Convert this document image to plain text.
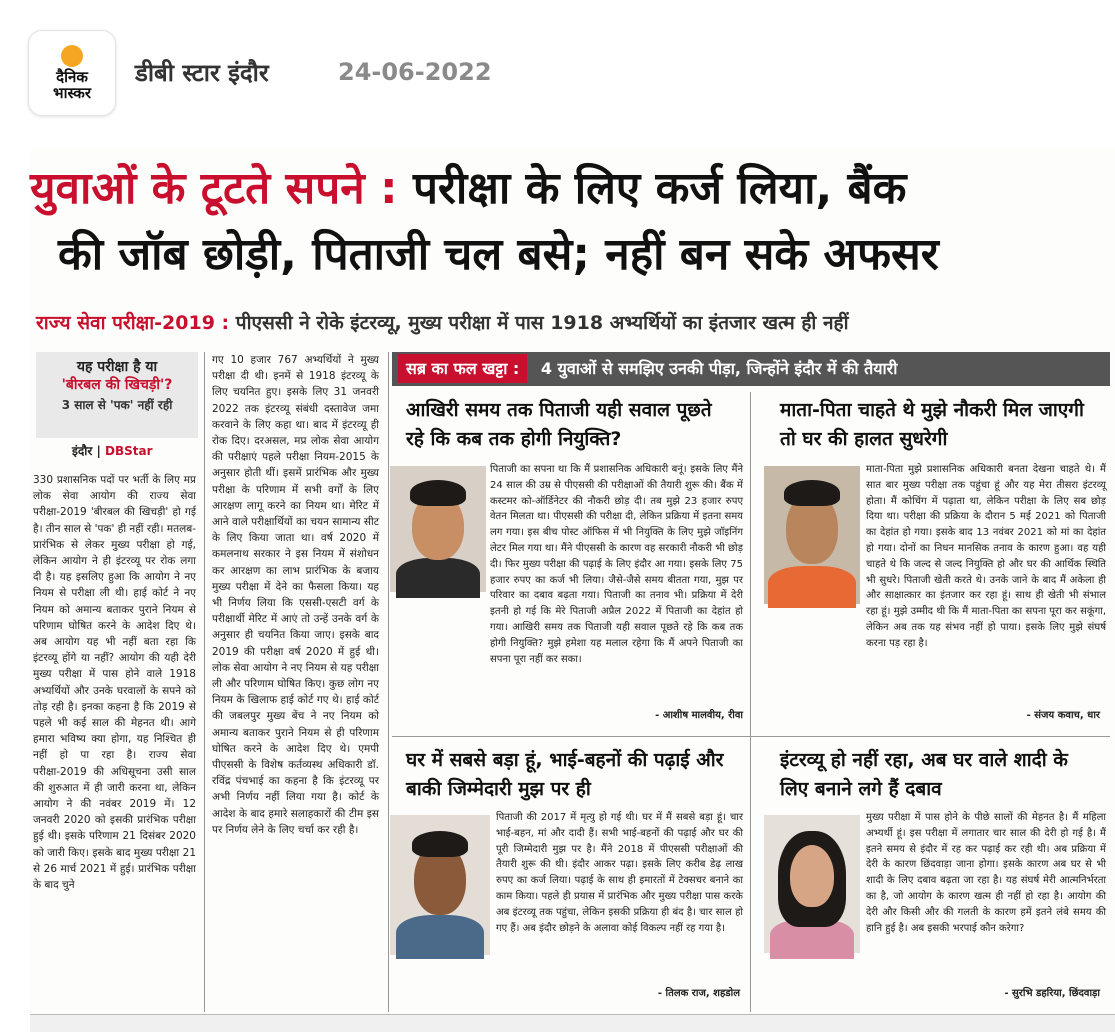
दैनिक
भास्कर
डीबी स्टार इंदौर	24-06-2022
युवाओं के टूटते सपने : परीक्षा के लिए कर्ज लिया, बैंक
की जॉब छोड़ी, पिताजी चल बसे; नहीं बन सके अफसर
राज्य सेवा परीक्षा-2019 : पीएससी ने रोके इंटरव्यू, मुख्य परीक्षा में पास 1918 अभ्यर्थियों का इंतजार खत्म ही नहीं
यह परीक्षा है या
'बीरबल की खिचड़ी'?
3 साल से 'पक' नहीं रही
इंदौर | DBStar
330 प्रशासनिक पदों पर भर्ती के लिए मप्र लोक सेवा आयोग की राज्य सेवा परीक्षा-2019 'बीरबल की खिचड़ी' हो गई है। तीन साल से 'पक' ही नहीं रही। मतलब- प्रारंभिक से लेकर मुख्य परीक्षा हो गई, लेकिन आयोग ने ही इंटरव्यू पर रोक लगा दी है। यह इसलिए हुआ कि आयोग ने नए नियम से परीक्षा ली थी। हाई कोर्ट ने नए नियम को अमान्य बताकर पुराने नियम से परिणाम घोषित करने के आदेश दिए थे। अब आयोग यह भी नहीं बता रहा कि इंटरव्यू होंगे या नहीं? आयोग की यही देरी मुख्य परीक्षा में पास होने वाले 1918 अभ्यर्थियों और उनके घरवालों के सपने को तोड़ रही है। इनका कहना है कि 2019 से पहले भी कई साल की मेहनत थी। आगे हमारा भविष्य क्या होगा, यह निश्चित ही नहीं हो पा रहा है। राज्य सेवा परीक्षा-2019 की अधिसूचना उसी साल की शुरुआत में ही जारी करना था, लेकिन आयोग ने की नवंबर 2019 में। 12 जनवरी 2020 को इसकी प्रारंभिक परीक्षा हुई थी। इसके परिणाम 21 दिसंबर 2020 को जारी किए। इसके बाद मुख्य परीक्षा 21 से 26 मार्च 2021 में हुई। प्रारंभिक परीक्षा के बाद चुने
गए 10 हजार 767 अभ्यर्थियों ने मुख्य परीक्षा दी थी। इनमें से 1918 इंटरव्यू के लिए चयनित हुए। इसके लिए 31 जनवरी 2022 तक इंटरव्यू संबंधी दस्तावेज जमा करवाने के लिए कहा था। बाद में इंटरव्यू ही रोक दिए। दरअसल, मप्र लोक सेवा आयोग की परीक्षाएं पहले परीक्षा नियम-2015 के अनुसार होती थीं। इसमें प्रारंभिक और मुख्य परीक्षा के परिणाम में सभी वर्गों के लिए आरक्षण लागू करने का नियम था। मेरिट में आने वाले परीक्षार्थियों का चयन सामान्य सीट के लिए किया जाता था। वर्ष 2020 में कमलनाथ सरकार ने इस नियम में संशोधन कर आरक्षण का लाभ प्रारंभिक के बजाय मुख्य परीक्षा में देने का फैसला किया। यह भी निर्णय लिया कि एससी-एसटी वर्ग के परीक्षार्थी मेरिट में आएं तो उन्हें उनके वर्ग के अनुसार ही चयनित किया जाए। इसके बाद 2019 की परीक्षा वर्ष 2020 में हुई थी। लोक सेवा आयोग ने नए नियम से यह परीक्षा ली और परिणाम घोषित किए। कुछ लोग नए नियम के खिलाफ हाई कोर्ट गए थे। हाई कोर्ट की जबलपुर मुख्य बेंच ने नए नियम को अमान्य बताकर पुराने नियम से ही परिणाम घोषित करने के आदेश दिए थे। एमपी पीएससी के विशेष कर्तव्यस्थ अधिकारी डॉ. रविंद्र पंचभाई का कहना है कि इंटरव्यू पर अभी निर्णय नहीं लिया गया है। कोर्ट के आदेश के बाद हमारे सलाहकारों की टीम इस पर निर्णय लेने के लिए चर्चा कर रही है।
सब्र का फल खट्टा : 4 युवाओं से समझिए उनकी पीड़ा, जिन्होंने इंदौर में की तैयारी
आखिरी समय तक पिताजी यही सवाल पूछते रहे कि कब तक होगी नियुक्ति?
पिताजी का सपना था कि मैं प्रशासनिक अधिकारी बनूं। इसके लिए मैंने 24 साल की उम्र से पीएससी की परीक्षाओं की तैयारी शुरू की। बैंक में कस्टमर को-ऑर्डिनेटर की नौकरी छोड़ दी। तब मुझे 23 हजार रुपए वेतन मिलता था। पीएससी की परीक्षा दी, लेकिन प्रक्रिया में इतना समय लग गया। इस बीच पोस्ट ऑफिस में भी नियुक्ति के लिए मुझे जॉइनिंग लेटर मिल गया था। मैंने पीएससी के कारण वह सरकारी नौकरी भी छोड़ दी। फिर मुख्य परीक्षा की पढ़ाई के लिए इंदौर आ गया। इसके लिए 75 हजार रुपए का कर्ज भी लिया। जैसे-जैसे समय बीतता गया, मुझ पर परिवार का दबाव बढ़ता गया। पिताजी का तनाव भी। प्रक्रिया में देरी इतनी हो गई कि मेरे पिताजी अप्रैल 2022 में पिताजी का देहांत हो गया। आखिरी समय तक पिताजी यही सवाल पूछते रहे कि कब तक होगी नियुक्ति? मुझे हमेशा यह मलाल रहेगा कि मैं अपने पिताजी का सपना पूरा नहीं कर सका।
- आशीष मालवीय, रीवा
माता-पिता चाहते थे मुझे नौकरी मिल जाएगी तो घर की हालत सुधरेगी
माता-पिता मुझे प्रशासनिक अधिकारी बनता देखना चाहते थे। मैं सात बार मुख्य परीक्षा तक पहुंचा हूं और यह मेरा तीसरा इंटरव्यू होता। मैं कोचिंग में पढ़ाता था, लेकिन परीक्षा के लिए सब छोड़ दिया था। परीक्षा की प्रक्रिया के दौरान 5 मई 2021 को पिताजी का देहांत हो गया। इसके बाद 13 नवंबर 2021 को मां का देहांत हो गया। दोनों का निधन मानसिक तनाव के कारण हुआ। वह यही चाहते थे कि जल्द से जल्द नियुक्ति हो और घर की आर्थिक स्थिति भी सुधरे। पिताजी खेती करते थे। उनके जाने के बाद मैं अकेला ही और साक्षात्कार का इंतजार कर रहा हूं। साथ ही खेती भी संभाल रहा हूं। मुझे उम्मीद थी कि मैं माता-पिता का सपना पूरा कर सकूंगा, लेकिन अब तक यह संभव नहीं हो पाया। इसके लिए मुझे संघर्ष करना पड़ रहा है।
- संजय कवाच, धार
घर में सबसे बड़ा हूं, भाई-बहनों की पढ़ाई और बाकी जिम्मेदारी मुझ पर ही
पिताजी की 2017 में मृत्यु हो गई थी। घर में मैं सबसे बड़ा हूं। चार भाई-बहन, मां और दादी हैं। सभी भाई-बहनों की पढ़ाई और घर की पूरी जिम्मेदारी मुझ पर है। मैंने 2018 में पीएससी परीक्षाओं की तैयारी शुरू की थी। इंदौर आकर पढ़ा। इसके लिए करीब डेढ़ लाख रुपए का कर्ज लिया। पढ़ाई के साथ ही इमारतों में टेक्सचर बनाने का काम किया। पहले ही प्रयास में प्रारंभिक और मुख्य परीक्षा पास करके अब इंटरव्यू तक पहुंचा, लेकिन इसकी प्रक्रिया ही बंद है। चार साल हो गए हैं। अब इंदौर छोड़ने के अलावा कोई विकल्प नहीं रह गया है।
- तिलक राज, शहडोल
इंटरव्यू हो नहीं रहा, अब घर वाले शादी के लिए बनाने लगे हैं दबाव
मुख्य परीक्षा में पास होने के पीछे सालों की मेहनत है। मैं महिला अभ्यर्थी हूं। इस परीक्षा में लगातार चार साल की देरी हो गई है। मैं इतने समय से इंदौर में रह कर पढ़ाई कर रही थी। अब प्रक्रिया में देरी के कारण छिंदवाड़ा जाना होगा। इसके कारण अब घर से भी शादी के लिए दबाव बढ़ता जा रहा है। यह संघर्ष मेरी आत्मनिर्भरता का है, जो आयोग के कारण खत्म ही नहीं हो रहा है। आयोग की देरी और किसी और की गलती के कारण हमें इतने लंबे समय की हानि हुई है। अब इसकी भरपाई कौन करेगा?
- सुरभि डहरिया, छिंदवाड़ा
